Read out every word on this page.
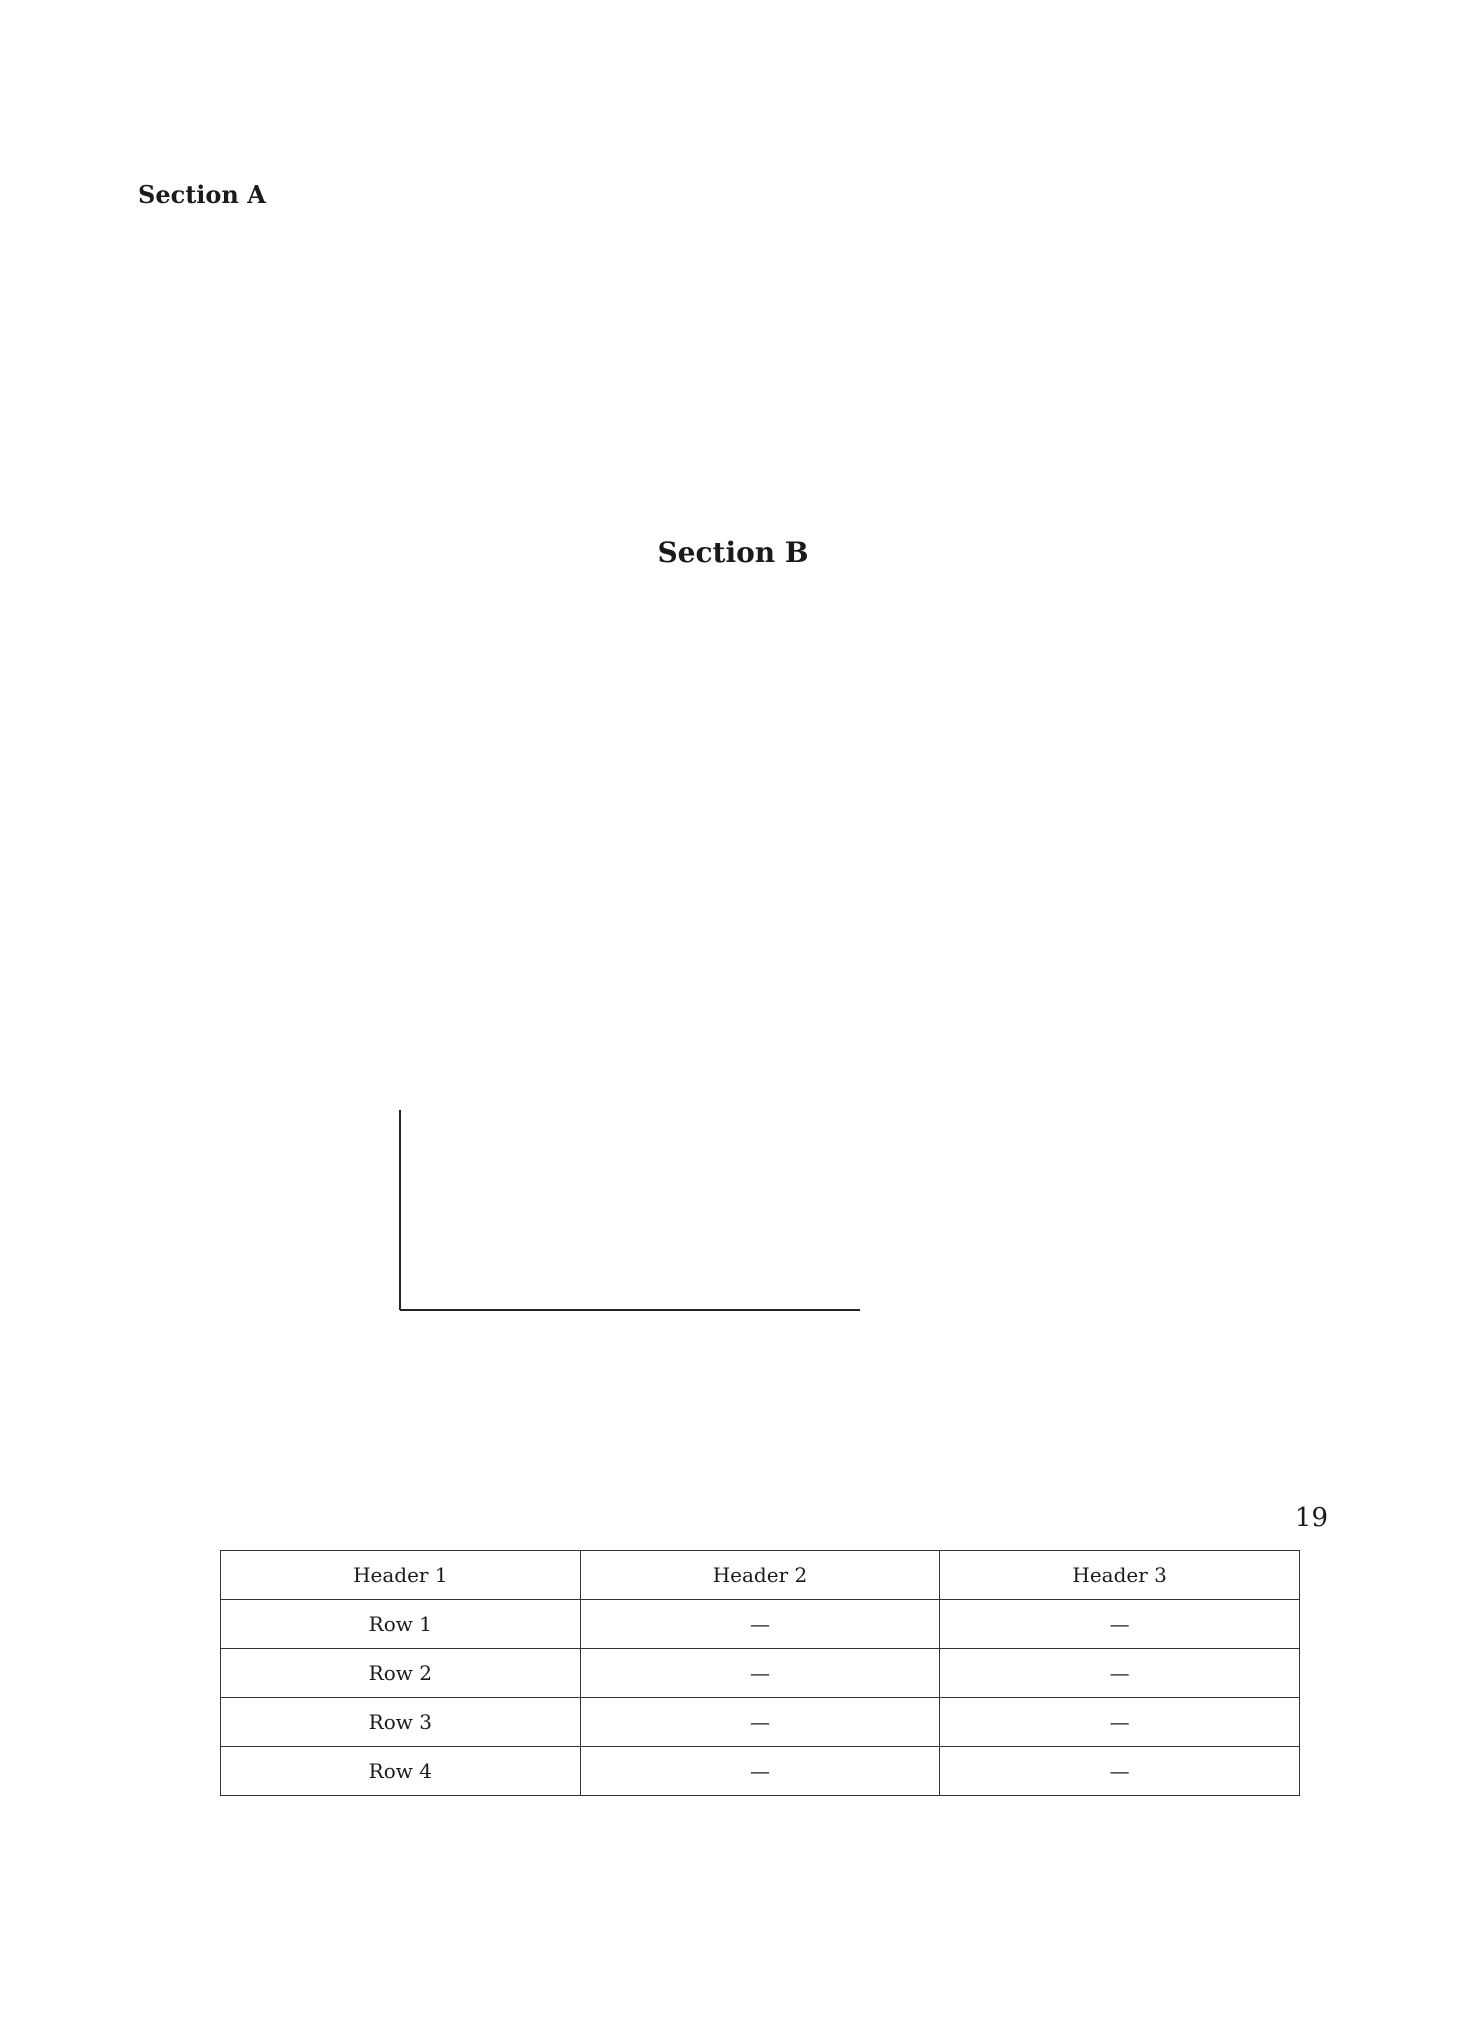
Section A
Section B
Header 1	Header 2	Header 3
Row 1	—	—
Row 2	—	—
Row 3	—	—
Row 4	—	—
19
